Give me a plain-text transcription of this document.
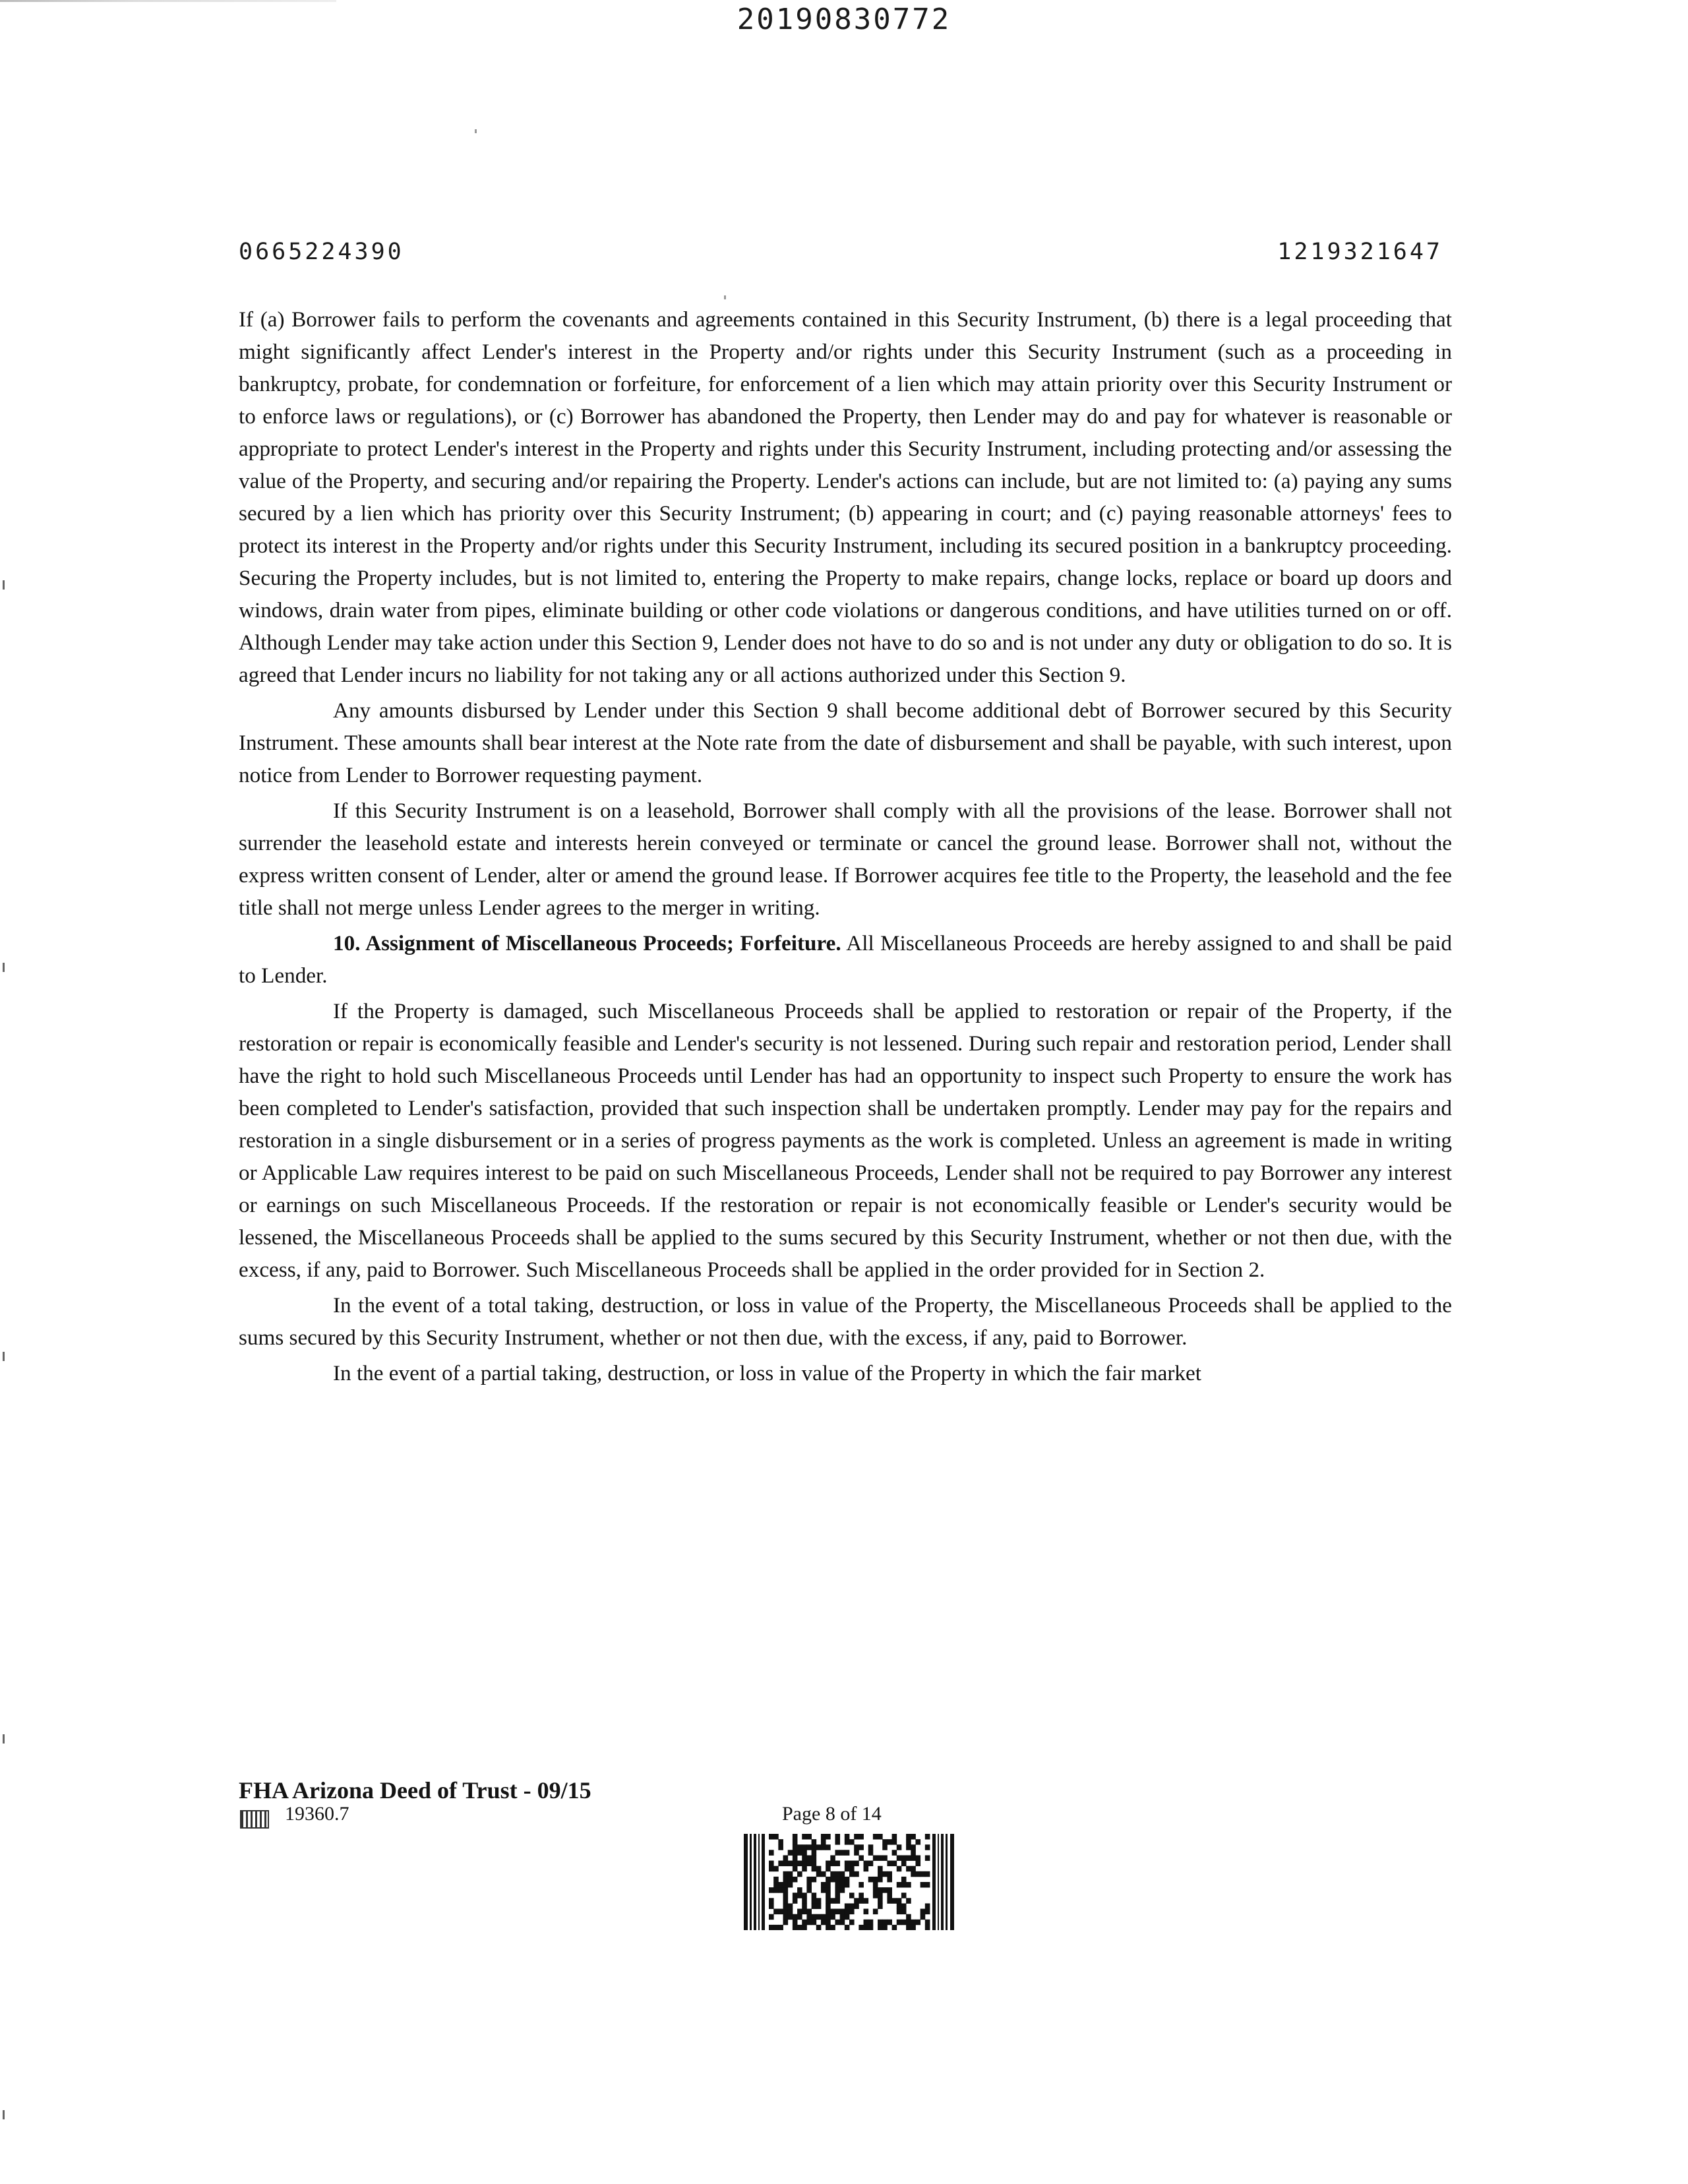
20190830772
0665224390	1219321647

If (a) Borrower fails to perform the covenants and agreements contained in this Security Instrument, (b) there is a legal proceeding that might significantly affect Lender's interest in the Property and/or rights under this Security Instrument (such as a proceeding in bankruptcy, probate, for condemnation or forfeiture, for enforcement of a lien which may attain priority over this Security Instrument or to enforce laws or regulations), or (c) Borrower has abandoned the Property, then Lender may do and pay for whatever is reasonable or appropriate to protect Lender's interest in the Property and rights under this Security Instrument, including protecting and/or assessing the value of the Property, and securing and/or repairing the Property. Lender's actions can include, but are not limited to: (a) paying any sums secured by a lien which has priority over this Security Instrument; (b) appearing in court; and (c) paying reasonable attorneys' fees to protect its interest in the Property and/or rights under this Security Instrument, including its secured position in a bankruptcy proceeding. Securing the Property includes, but is not limited to, entering the Property to make repairs, change locks, replace or board up doors and windows, drain water from pipes, eliminate building or other code violations or dangerous conditions, and have utilities turned on or off. Although Lender may take action under this Section 9, Lender does not have to do so and is not under any duty or obligation to do so. It is agreed that Lender incurs no liability for not taking any or all actions authorized under this Section 9.

Any amounts disbursed by Lender under this Section 9 shall become additional debt of Borrower secured by this Security Instrument. These amounts shall bear interest at the Note rate from the date of disbursement and shall be payable, with such interest, upon notice from Lender to Borrower requesting payment.

If this Security Instrument is on a leasehold, Borrower shall comply with all the provisions of the lease. Borrower shall not surrender the leasehold estate and interests herein conveyed or terminate or cancel the ground lease. Borrower shall not, without the express written consent of Lender, alter or amend the ground lease. If Borrower acquires fee title to the Property, the leasehold and the fee title shall not merge unless Lender agrees to the merger in writing.

10. Assignment of Miscellaneous Proceeds; Forfeiture. All Miscellaneous Proceeds are hereby assigned to and shall be paid to Lender.

If the Property is damaged, such Miscellaneous Proceeds shall be applied to restoration or repair of the Property, if the restoration or repair is economically feasible and Lender's security is not lessened. During such repair and restoration period, Lender shall have the right to hold such Miscellaneous Proceeds until Lender has had an opportunity to inspect such Property to ensure the work has been completed to Lender's satisfaction, provided that such inspection shall be undertaken promptly. Lender may pay for the repairs and restoration in a single disbursement or in a series of progress payments as the work is completed. Unless an agreement is made in writing or Applicable Law requires interest to be paid on such Miscellaneous Proceeds, Lender shall not be required to pay Borrower any interest or earnings on such Miscellaneous Proceeds. If the restoration or repair is not economically feasible or Lender's security would be lessened, the Miscellaneous Proceeds shall be applied to the sums secured by this Security Instrument, whether or not then due, with the excess, if any, paid to Borrower. Such Miscellaneous Proceeds shall be applied in the order provided for in Section 2.

In the event of a total taking, destruction, or loss in value of the Property, the Miscellaneous Proceeds shall be applied to the sums secured by this Security Instrument, whether or not then due, with the excess, if any, paid to Borrower.

In the event of a partial taking, destruction, or loss in value of the Property in which the fair market

FHA Arizona Deed of Trust - 09/15
19360.7	Page 8 of 14
